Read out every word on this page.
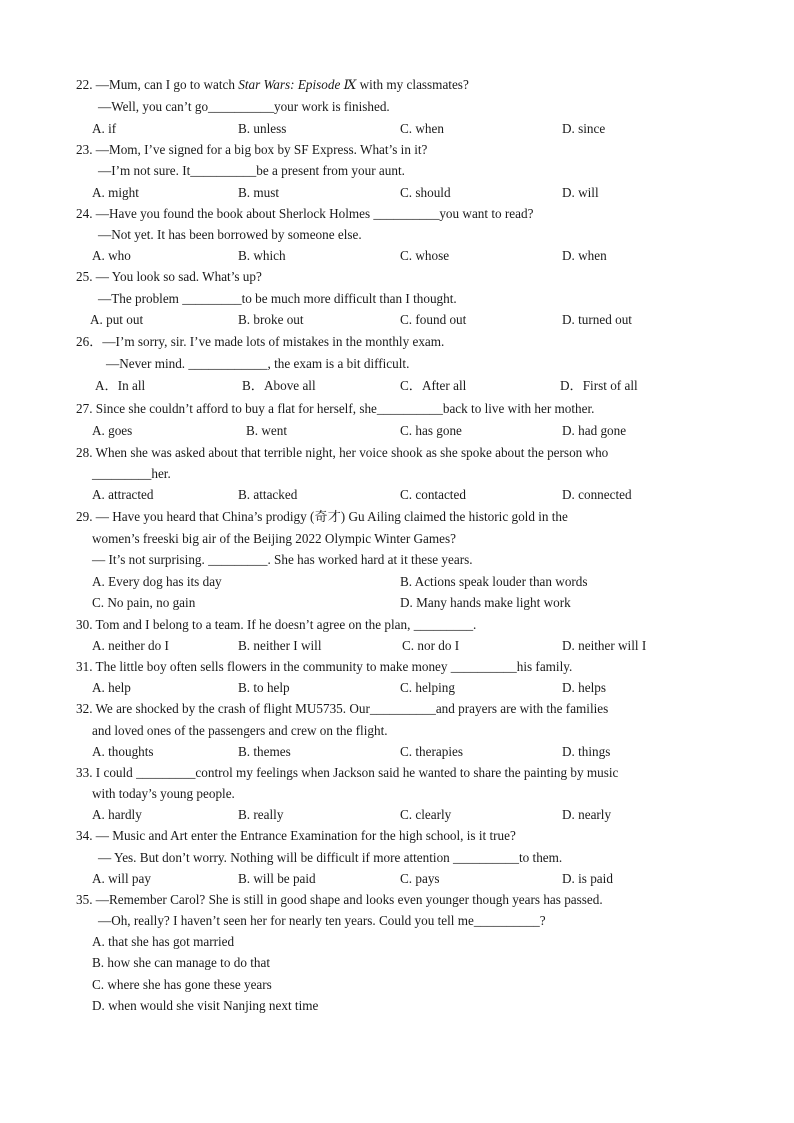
22. —Mum, can I go to watch Star Wars: Episode Ⅸ with my classmates?
—Well, you can’t go__________your work is finished.
A. if	B. unless	C. when	D. since
23. —Mom, I’ve signed for a big box by SF Express. What’s in it?
—I’m not sure. It__________be a present from your aunt.
A. might	B. must	C. should	D. will
24. —Have you found the book about Sherlock Holmes __________you want to read?
—Not yet. It has been borrowed by someone else.
A. who	B. which	C. whose	D. when
25. — You look so sad. What’s up?
—The problem _________to be much more difficult than I thought.
A. put out	B. broke out	C. found out	D. turned out
26．—I’m sorry, sir. I’ve made lots of mistakes in the monthly exam.
—Never mind. ____________, the exam is a bit difficult.
A．In all	B．Above all	C．After all	D．First of all
27. Since she couldn’t afford to buy a flat for herself, she__________back to live with her mother.
A. goes	B. went	C. has gone	D. had gone
28. When she was asked about that terrible night, her voice shook as she spoke about the person who
_________her.
A. attracted	B. attacked	C. contacted	D. connected
29. — Have you heard that China’s prodigy (奇才) Gu Ailing claimed the historic gold in the
women’s freeski big air of the Beijing 2022 Olympic Winter Games?
— It’s not surprising. _________. She has worked hard at it these years.
A. Every dog has its day	B. Actions speak louder than words
C. No pain, no gain	D. Many hands make light work
30. Tom and I belong to a team. If he doesn’t agree on the plan, _________.
A. neither do I	B. neither I will	C. nor do I	D. neither will I
31. The little boy often sells flowers in the community to make money __________his family.
A. help	B. to help	C. helping	D. helps
32. We are shocked by the crash of flight MU5735. Our__________and prayers are with the families
and loved ones of the passengers and crew on the flight.
A. thoughts	B. themes	C. therapies	D. things
33. I could _________control my feelings when Jackson said he wanted to share the painting by music
with today’s young people.
A. hardly	B. really	C. clearly	D. nearly
34. — Music and Art enter the Entrance Examination for the high school, is it true?
— Yes. But don’t worry. Nothing will be difficult if more attention __________to them.
A. will pay	B. will be paid	C. pays	D. is paid
35. —Remember Carol? She is still in good shape and looks even younger though years has passed.
—Oh, really? I haven’t seen her for nearly ten years. Could you tell me__________?
A. that she has got married
B. how she can manage to do that
C. where she has gone these years
D. when would she visit Nanjing next time
